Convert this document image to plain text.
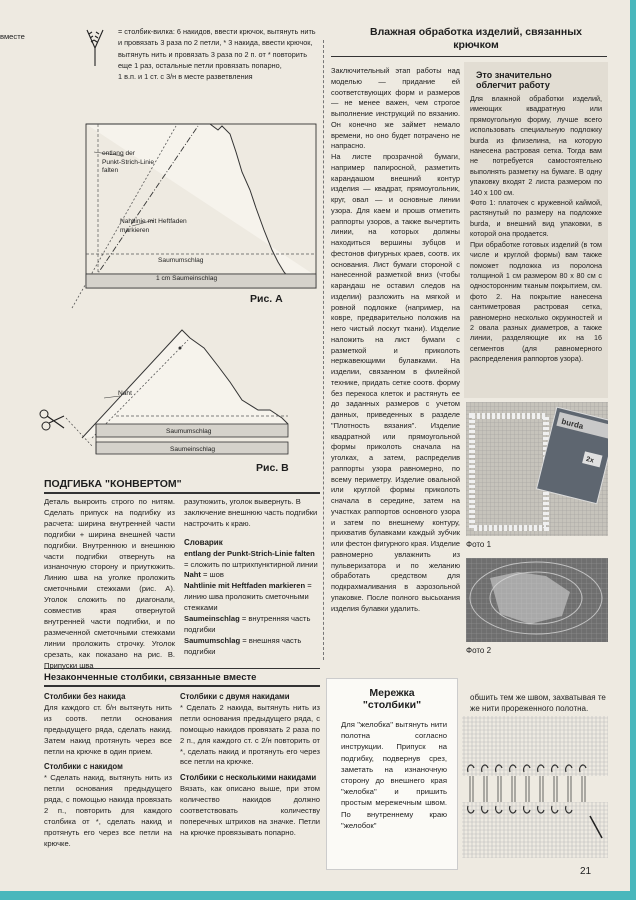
вместе

= столбик-вилка: 6 накидов, ввести крючок, вытянуть нить

и провязать 3 раза по 2 петли, * 3 накида, ввести крючок,

вытянуть нить и провязать 3 раза по 2 п. от * повторить

еще 1 раз, остальные петли провязать попарно,

1 в.п. и 1 ст. с 3/н в месте разветвления

entlang der
Punkt-Strich-Linie
falten
Nahtlinie mit Heftfaden
markieren
Saumumschlag
1 cm Saumeinschlag
Рис. А
Naht
Saumumschlag
Saumeinschlag
Рис. В
ПОДГИБКА "КОНВЕРТОМ"

Деталь выкроить строго по нитям. Сделать припуск на подгибку из расчета: ширина внутренней части подгибки + ширина внешней части подгибки. Внутреннюю и внешнюю части подгибки отвернуть на изнаночную сторону и приутюжить. Линию шва на уголке проложить сметочными стежками (рис. А). Уголок сложить по диагонали, совместив края отвернутой внутренней части подгибки, и по размеченной сметочными стежками линии проложить строчку. Уголок срезать, как показано на рис. В. Припуски шва

разутюжить, уголок вывернуть. В заключение внешнюю часть подгибки настрочить к краю.

Словарик

entlang der Punkt-Strich-Linie falten = сложить по штрихпунктирной линии

Naht = шов

Nahtlinie mit Heftfaden markieren = линию шва проложить сметочными стежками

Saumeinschlag = внутренняя часть подгибки

Saumumschlag = внешняя часть подгибки

Незаконченные столбики, связанные вместе

Столбики без накида

Для каждого ст. б/н вытянуть нить из соотв. петли основания предыдущего ряда, сделать накид. Затем накид протянуть через все петли на крючке в один прием.

Столбики с накидом

* Сделать накид, вытянуть нить из петли основания предыдущего ряда, с помощью накида провязать 2 п., повторить для каждого столбика от *, сделать накид и протянуть его через все петли на крючке.

Столбики с двумя накидами

* Сделать 2 накида, вытянуть нить из петли основания предыдущего ряда, с помощью накидов провязать 2 раза по 2 п., для каждого ст. с 2/н повторить от *, сделать накид и протянуть его через все петли на крючке.

Столбики с несколькими накидами

Вязать, как описано выше, при этом количество накидов должно соответствовать количеству поперечных штрихов на значке. Петли на крючке провязывать попарно.

Влажная обработка изделий, связанных крючком

Заключительный этап работы над моделью — придание ей соответствующих форм и размеров — не менее важен, чем строгое выполнение инструкций по вязанию. Он конечно же займет немало времени, но оно будет потрачено не напрасно.
На листе прозрачной бумаги, например папиросной, разметить карандашом внешний контур изделия — квадрат, прямоугольник, круг, овал — и основные линии узора. Для каем и прошв отметить раппорты узоров, а также вычертить линии, на которых должны находиться вершины зубцов и фестонов фигурных краев, соотв. их основания. Лист бумаги стороной с нанесенной разметкой вниз (чтобы карандаш не оставил следов на изделии) разложить на мягкой и ровной подложке (например, на ковре, предварительно положив на него чистый лоскут ткани). Изделие наложить на лист бумаги с разметкой и приколоть нержавеющими булавками. На изделии, связанном в филейной технике, придать сетке соотв. форму без перекоса клеток и растянуть ее до заданных размеров с учетом данных, приведенных в разделе "Плотность вязания". Изделие квадратной или прямоугольной формы приколоть сначала на уголках, а затем, распределив раппорты узора равномерно, по всему периметру. Изделие овальной или круглой формы приколоть сначала в середине, затем на участках раппортов основного узора и затем по внешнему контуру, прихватив булавками каждый зубчик или фестон фигурного края. Изделие равномерно увлажнить из пульверизатора и по желанию обработать средством для подкрахмаливания в аэрозольной упаковке. После полного высыхания изделия булавки удалить.

Это значительно облегчит работу

Для влажной обработки изделий, имеющих квадратную или прямоугольную форму, лучше всего использовать специальную подложку burda из флизелина, на которую нанесена растровая сетка. Тогда вам не потребуется самостоятельно выполнять разметку на бумаге. В одну упаковку входят 2 листа размером по 140 х 100 см.
Фото 1: платочек с кружевной каймой, растянутый по размеру на подложке burda, и внешний вид упаковки, в которой она продается.
При обработке готовых изделий (в том числе и круглой формы) вам также поможет подложка из поролона толщиной 1 см размером 80 х 80 см с односторонним тканым покрытием, см. фото 2. На покрытие нанесена сантиметровая растровая сетка, равномерно несколько окружностей и 2 овала разных диаметров, а также линии, разделяющие их на 16 сегментов (для равномерного распределения раппортов узора).

burda
2x
Фото 1
Фото 2
Мережка "столбики"

Для "желобка" вытянуть нити полотна согласно инструкции. Припуск на подгибку, подвернув срез, заметать на изнаночную сторону до внешнего края "желобка" и пришить простым мережечным швом. По внутреннему краю "желобок"

обшить тем же швом, захватывая те же нити прореженного полотна.

21
